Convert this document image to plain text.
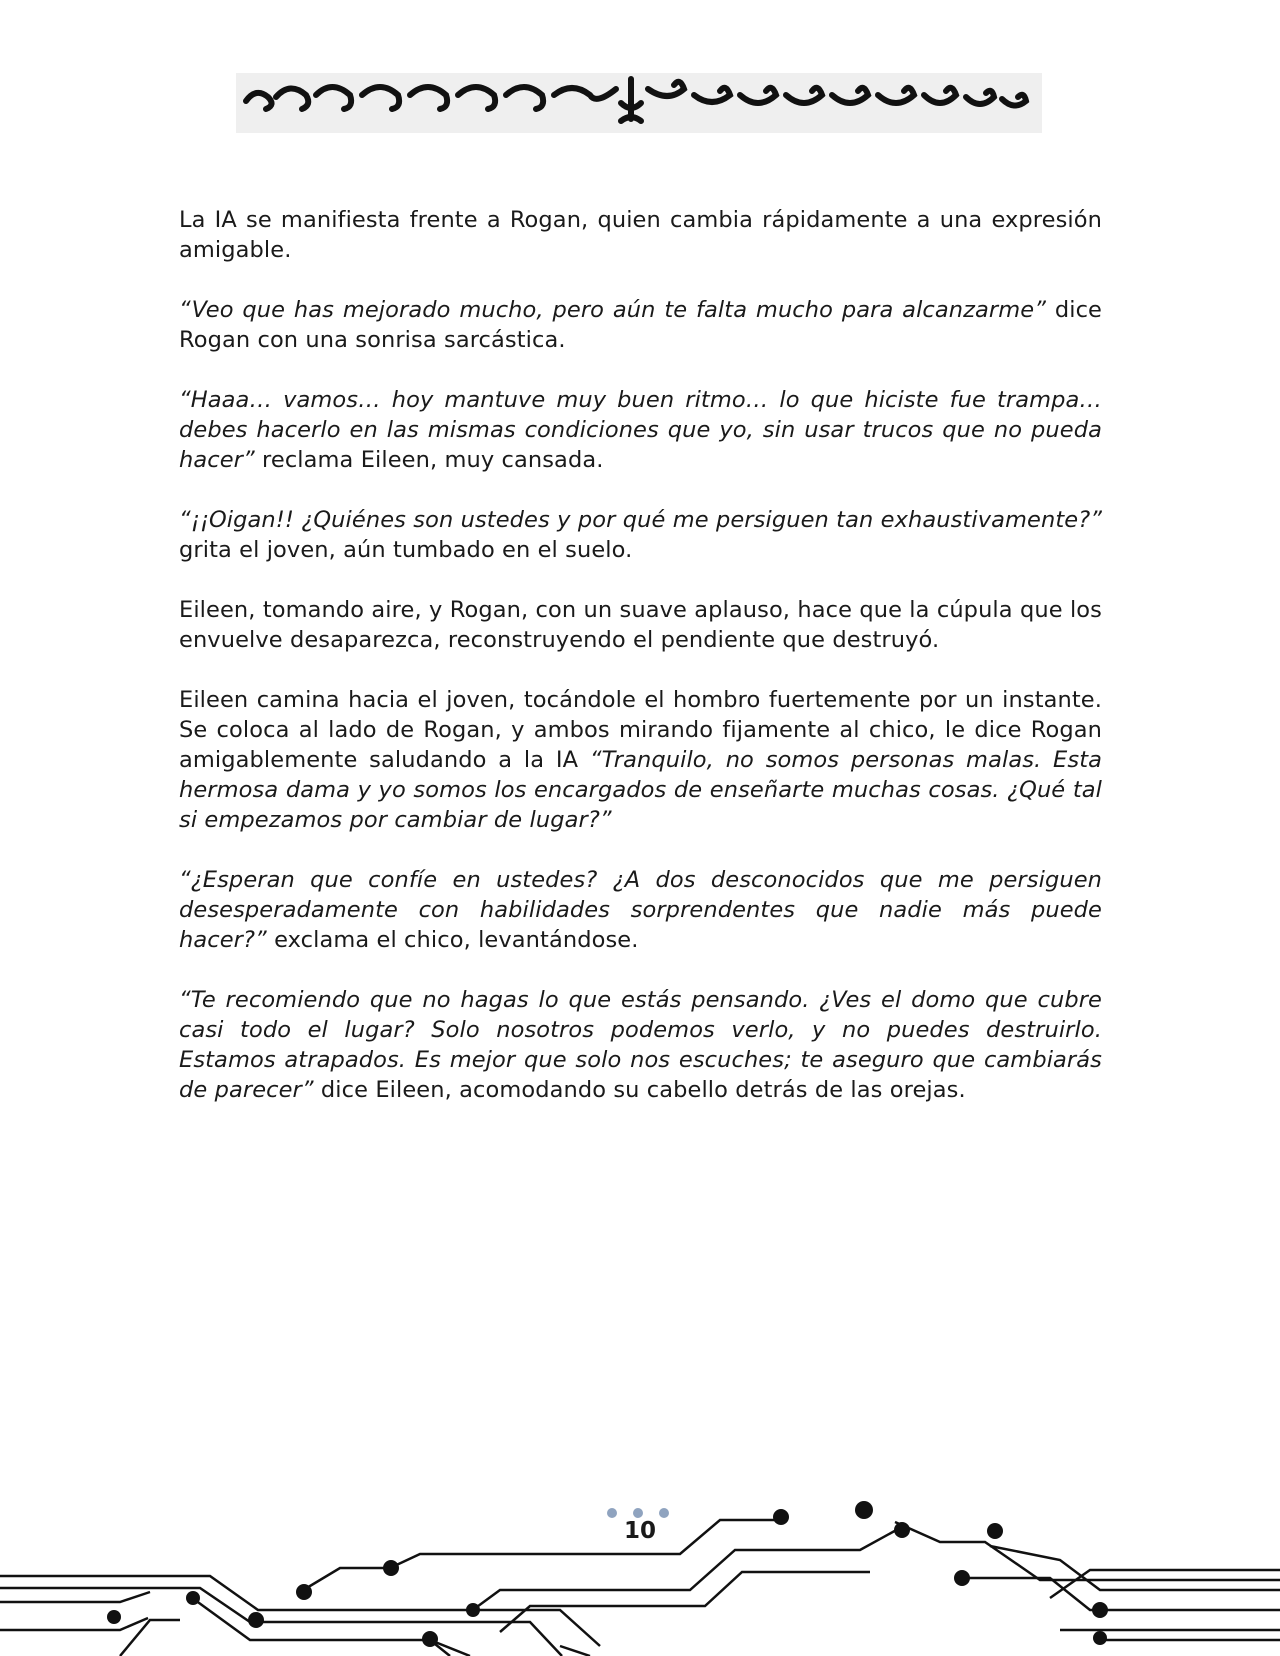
La IA se manifiesta frente a Rogan, quien cambia rápidamente a una expresión amigable.

“Veo que has mejorado mucho, pero aún te falta mucho para alcanzarme” dice Rogan con una sonrisa sarcástica.

“Haaa… vamos… hoy mantuve muy buen ritmo… lo que hiciste fue trampa… debes hacerlo en las mismas condiciones que yo, sin usar trucos que no pueda hacer” reclama Eileen, muy cansada.

“¡¡Oigan!! ¿Quiénes son ustedes y por qué me persiguen tan exhaustivamente?” grita el joven, aún tumbado en el suelo.

Eileen, tomando aire, y Rogan, con un suave aplauso, hace que la cúpula que los envuelve desaparezca, reconstruyendo el pendiente que destruyó.

Eileen camina hacia el joven, tocándole el hombro fuertemente por un instante. Se coloca al lado de Rogan, y ambos mirando fijamente al chico, le dice Rogan amigablemente saludando a la IA “Tranquilo, no somos personas malas. Esta hermosa dama y yo somos los encargados de enseñarte muchas cosas. ¿Qué tal si empezamos por cambiar de lugar?”

“¿Esperan que confíe en ustedes? ¿A dos desconocidos que me persiguen desesperadamente con habilidades sorprendentes que nadie más puede hacer?” exclama el chico, levantándose.

“Te recomiendo que no hagas lo que estás pensando. ¿Ves el domo que cubre casi todo el lugar? Solo nosotros podemos verlo, y no puedes destruirlo. Estamos atrapados. Es mejor que solo nos escuches; te aseguro que cambiarás de parecer” dice Eileen, acomodando su cabello detrás de las orejas.

10
